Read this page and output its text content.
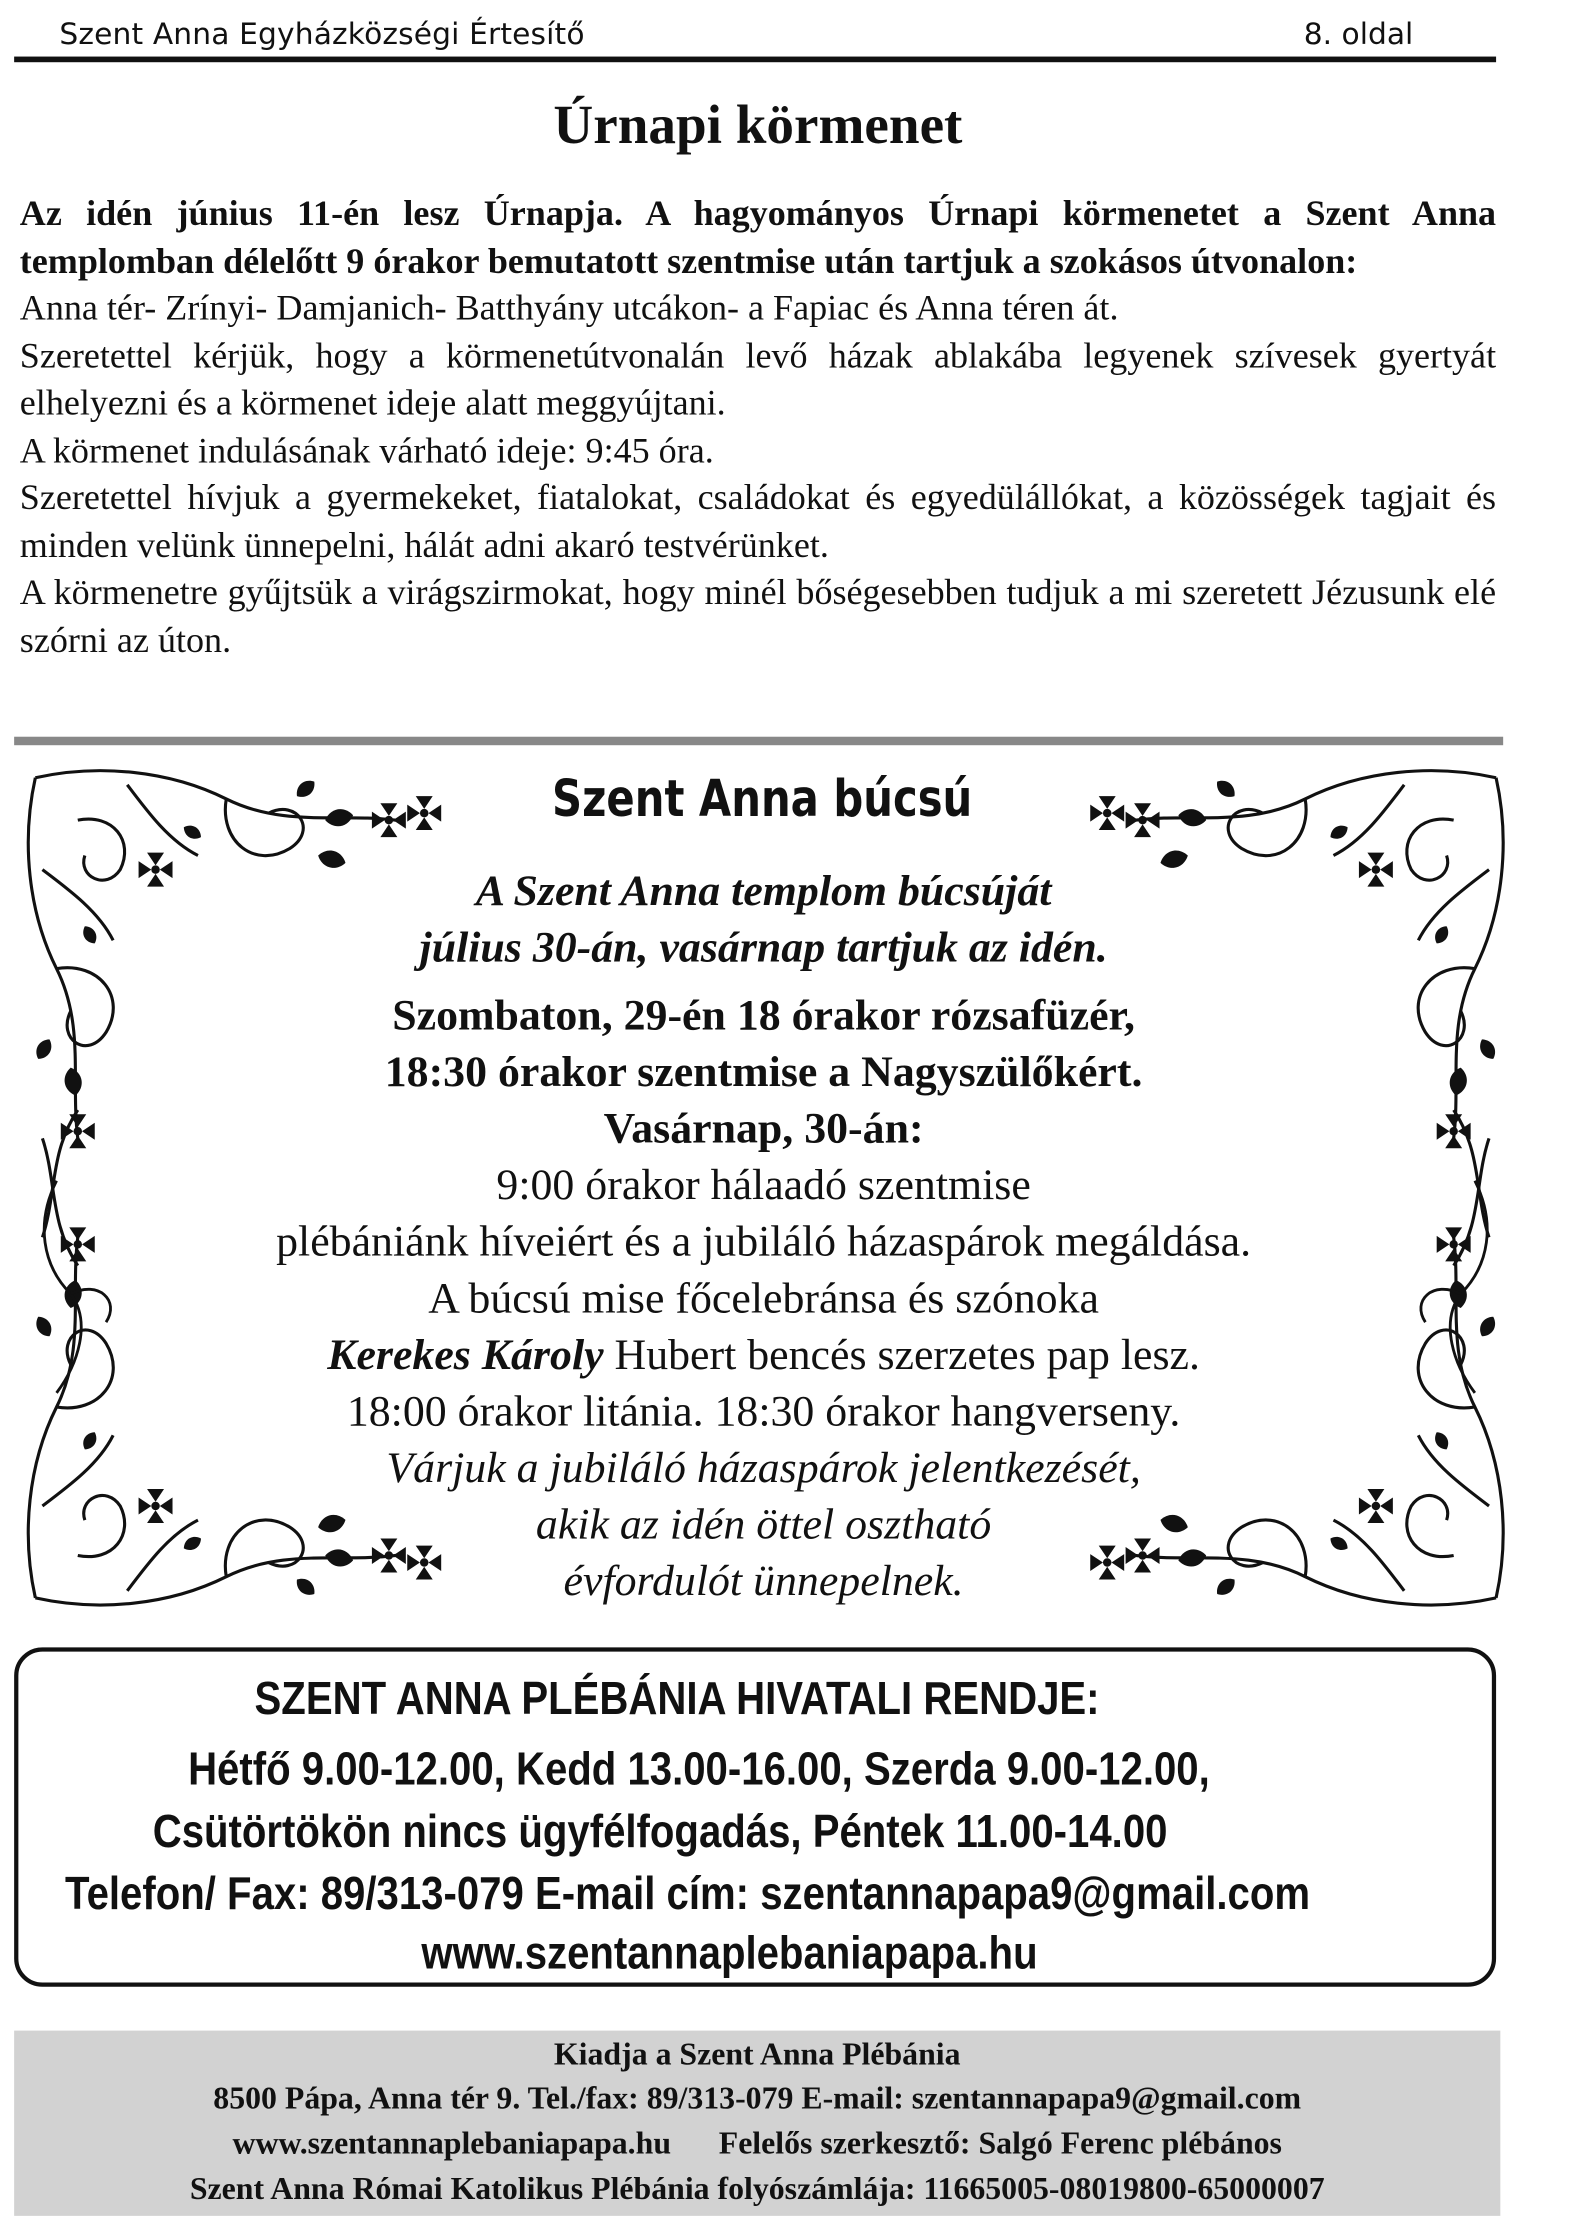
Szent Anna Egyházközségi Értesítő	8. oldal
Úrnapi körmenet

Az idén június 11-én lesz Úrnapja. A hagyományos Úrnapi körmenetet a Szent Anna templomban délelőtt 9 órakor bemutatott szentmise után tartjuk a szokásos útvonalon:

Anna tér- Zrínyi- Damjanich- Batthyány utcákon- a Fapiac és Anna téren át.

Szeretettel kérjük, hogy a körmenetútvonalán levő házak ablakába legyenek szívesek gyertyát elhelyezni és a körmenet ideje alatt meggyújtani.

A körmenet indulásának várható ideje: 9:45 óra.

Szeretettel hívjuk a gyermekeket, fiatalokat, családokat és egyedülállókat, a közösségek tagjait és minden velünk ünnepelni, hálát adni akaró testvérünket.

A körmenetre gyűjtsük a virágszirmokat, hogy minél bőségesebben tudjuk a mi szeretett Jézusunk elé szórni az úton.

Szent Anna búcsú
A Szent Anna templom búcsúját
július 30-án, vasárnap tartjuk az idén.
Szombaton, 29-én 18 órakor rózsafüzér,
18:30 órakor szentmise a Nagyszülőkért.
Vasárnap, 30-án:
9:00 órakor hálaadó szentmise
plébániánk híveiért és a jubiláló házaspárok megáldása.
A búcsú mise főcelebránsa és szónoka
Kerekes Károly Hubert bencés szerzetes pap lesz.
18:00 órakor litánia. 18:30 órakor hangverseny.
Várjuk a jubiláló házaspárok jelentkezését,
akik az idén öttel osztható
évfordulót ünnepelnek.
SZENT ANNA PLÉBÁNIA HIVATALI RENDJE:
Hétfő 9.00-12.00, Kedd 13.00-16.00, Szerda 9.00-12.00,
Csütörtökön nincs ügyfélfogadás, Péntek 11.00-14.00
Telefon/ Fax: 89/313-079 E-mail cím: szentannapapa9@gmail.com
www.szentannaplebaniapapa.hu
Kiadja a Szent Anna Plébánia
8500 Pápa, Anna tér 9. Tel./fax: 89/313-079 E-mail: szentannapapa9@gmail.com
www.szentannaplebaniapapa.hu      Felelős szerkesztő: Salgó Ferenc plébános
Szent Anna Római Katolikus Plébánia folyószámlája: 11665005-08019800-65000007
